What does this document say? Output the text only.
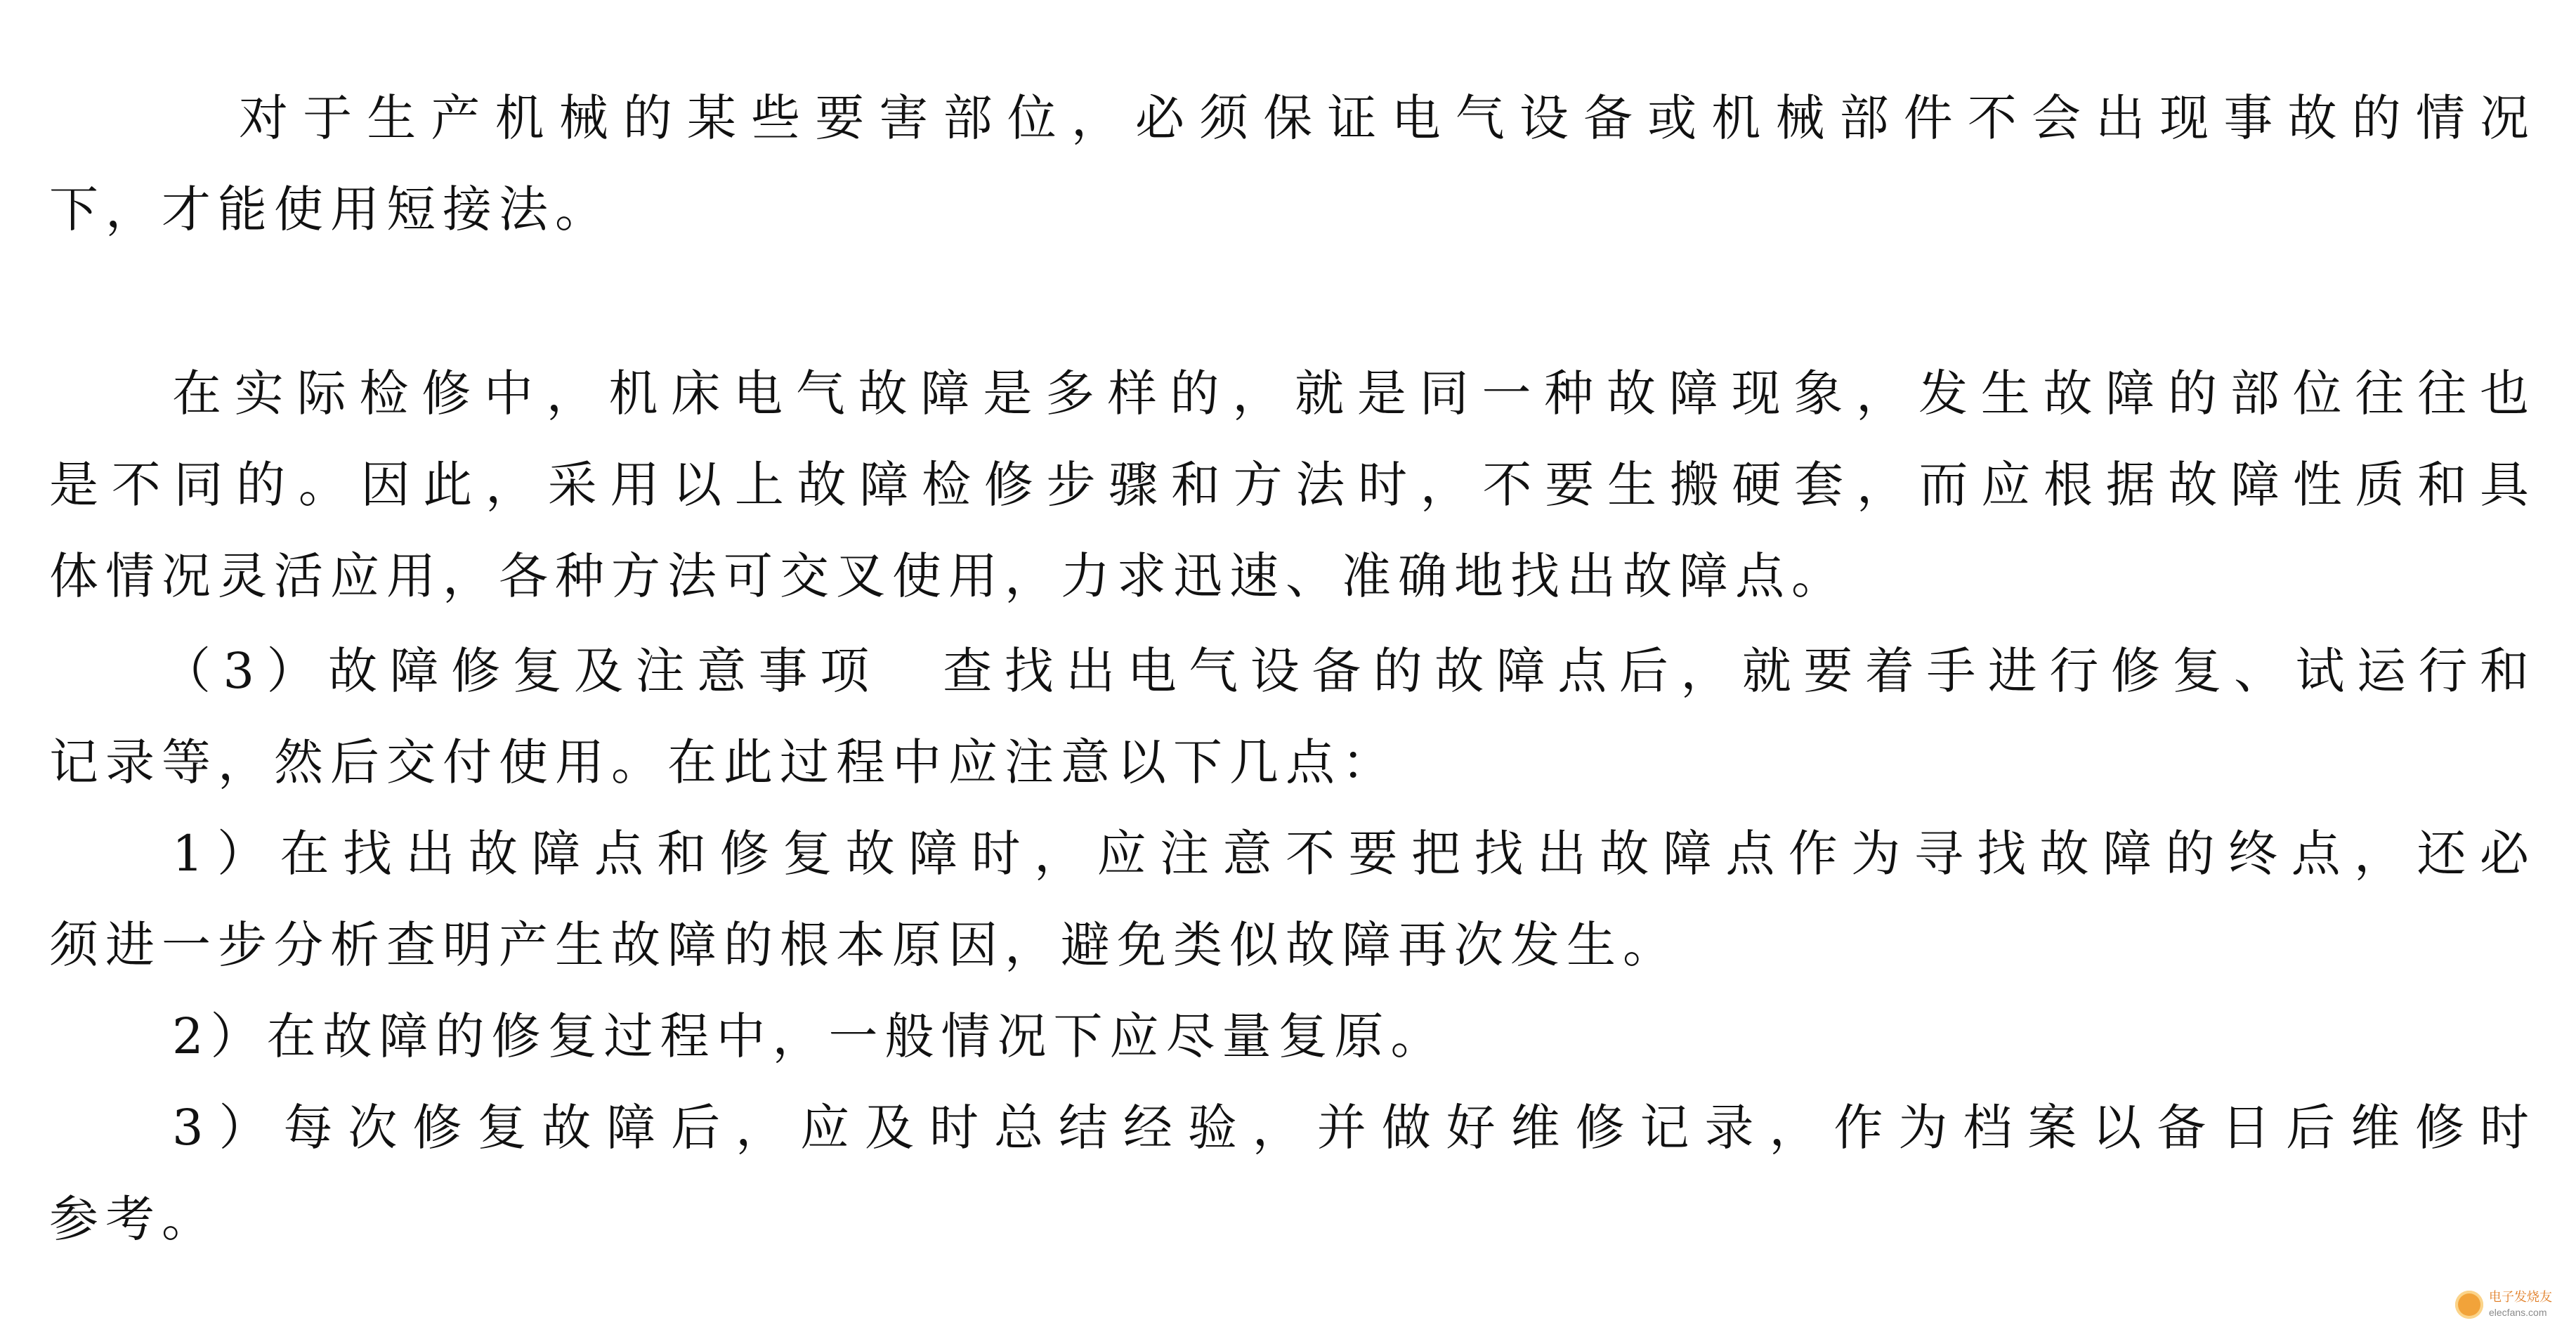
对于生产机械的某些要害部位，必须保证电气设备或机械部件不会出现事故的情况
下，才能使用短接法。
在实际检修中，机床电气故障是多样的，就是同一种故障现象，发生故障的部位往往也
是不同的。因此，采用以上故障检修步骤和方法时，不要生搬硬套，而应根据故障性质和具
体情况灵活应用，各种方法可交叉使用，力求迅速、准确地找出故障点。
（3）故障修复及注意事项　查找出电气设备的故障点后，就要着手进行修复、试运行和
记录等，然后交付使用。在此过程中应注意以下几点：
1）在找出故障点和修复故障时，应注意不要把找出故障点作为寻找故障的终点，还必
须进一步分析查明产生故障的根本原因，避免类似故障再次发生。
2）在故障的修复过程中，一般情况下应尽量复原。
3）每次修复故障后，应及时总结经验，并做好维修记录，作为档案以备日后维修时
参考。
电子发烧友
elecfans.com
